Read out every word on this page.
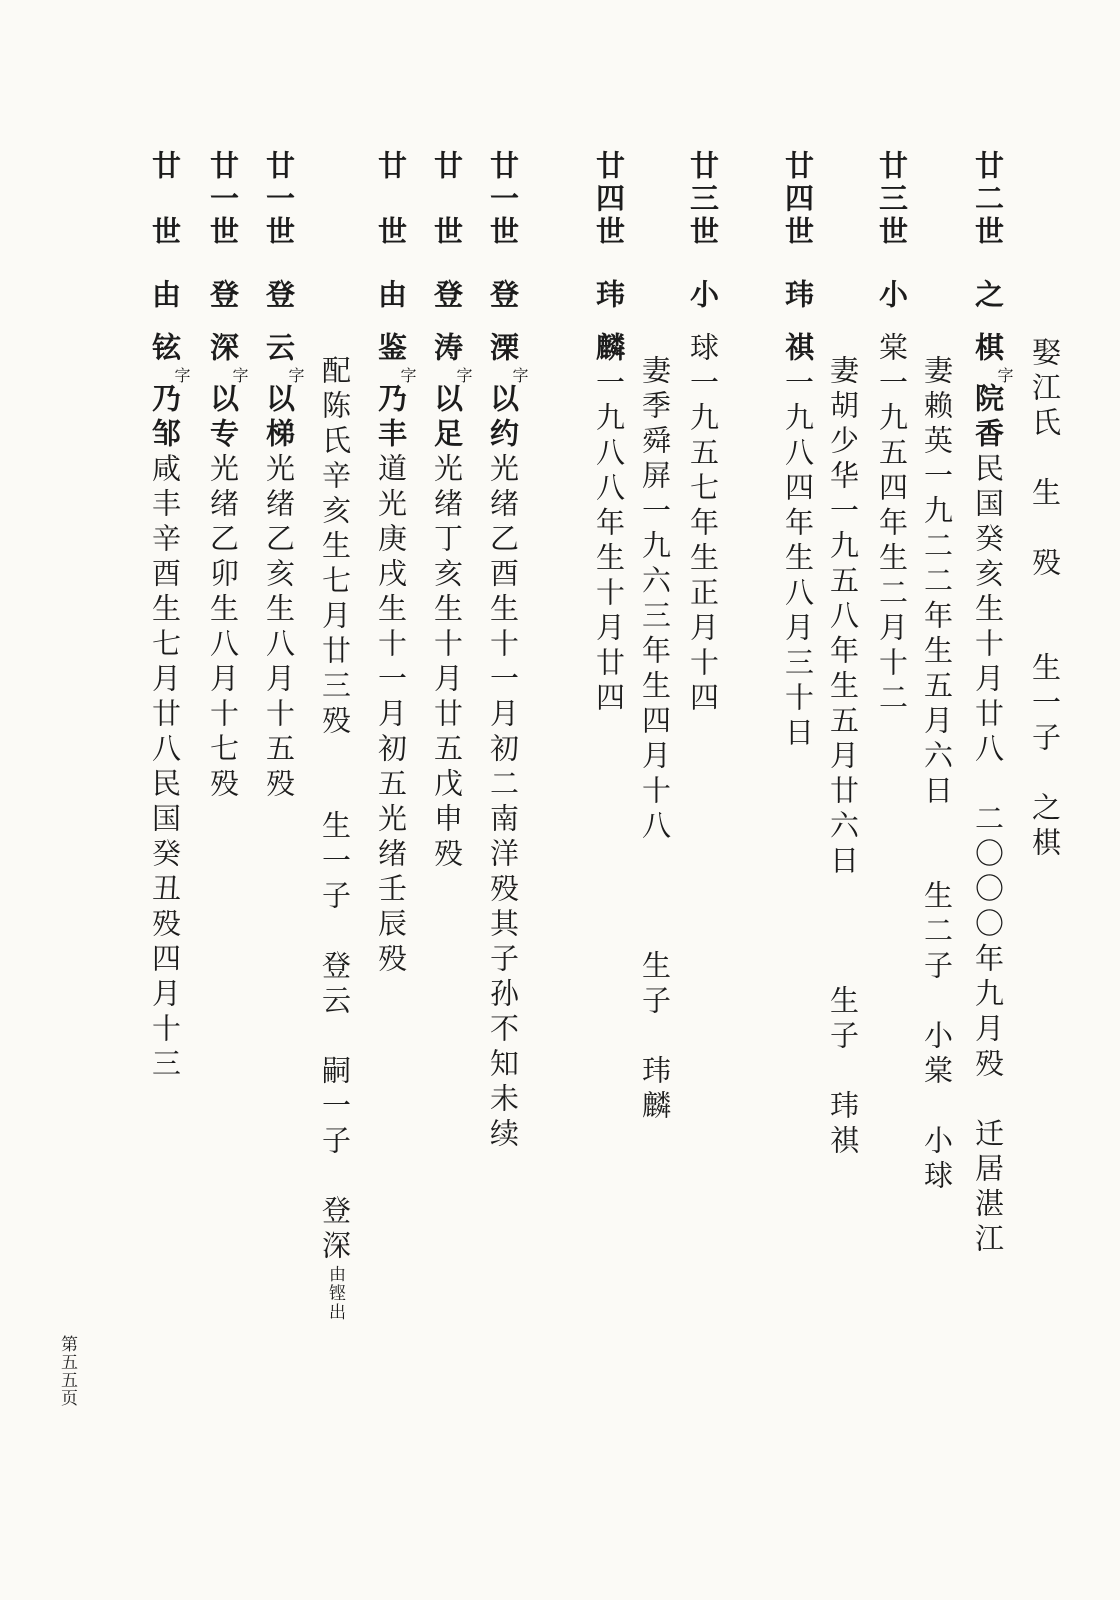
娶江氏　生　殁　　生一子　之棋
廿二世之棋字院香民国癸亥生十月廿八　二〇〇〇年九月殁　迁居湛江
妻赖英一九二二年生五月六日　　生二子　小棠　小球
廿三世小棠一九五四年生二月十二
妻胡少华一九五八年生五月廿六日　　　生子　玮祺
廿四世玮祺一九八四年生八月三十日
廿三世小球一九五七年生正月十四
妻季舜屏一九六三年生四月十八　　　生子　玮麟
廿四世玮麟一九八八年生十月廿四
廿一世登溧字以约光绪乙酉生十一月初二南洋殁其子孙不知未续
廿　世登涛字以足光绪丁亥生十月廿五戊申殁
廿　世由鉴字乃丰道光庚戌生十一月初五光绪壬辰殁
配陈氏辛亥生七月廿三殁　　生一子　登云　嗣一子　登深由铿出
廿一世登云字以梯光绪乙亥生八月十五殁
廿一世登深字以专光绪乙卯生八月十七殁
廿　世由铉字乃邹咸丰辛酉生七月廿八民国癸丑殁四月十三
第五五页
